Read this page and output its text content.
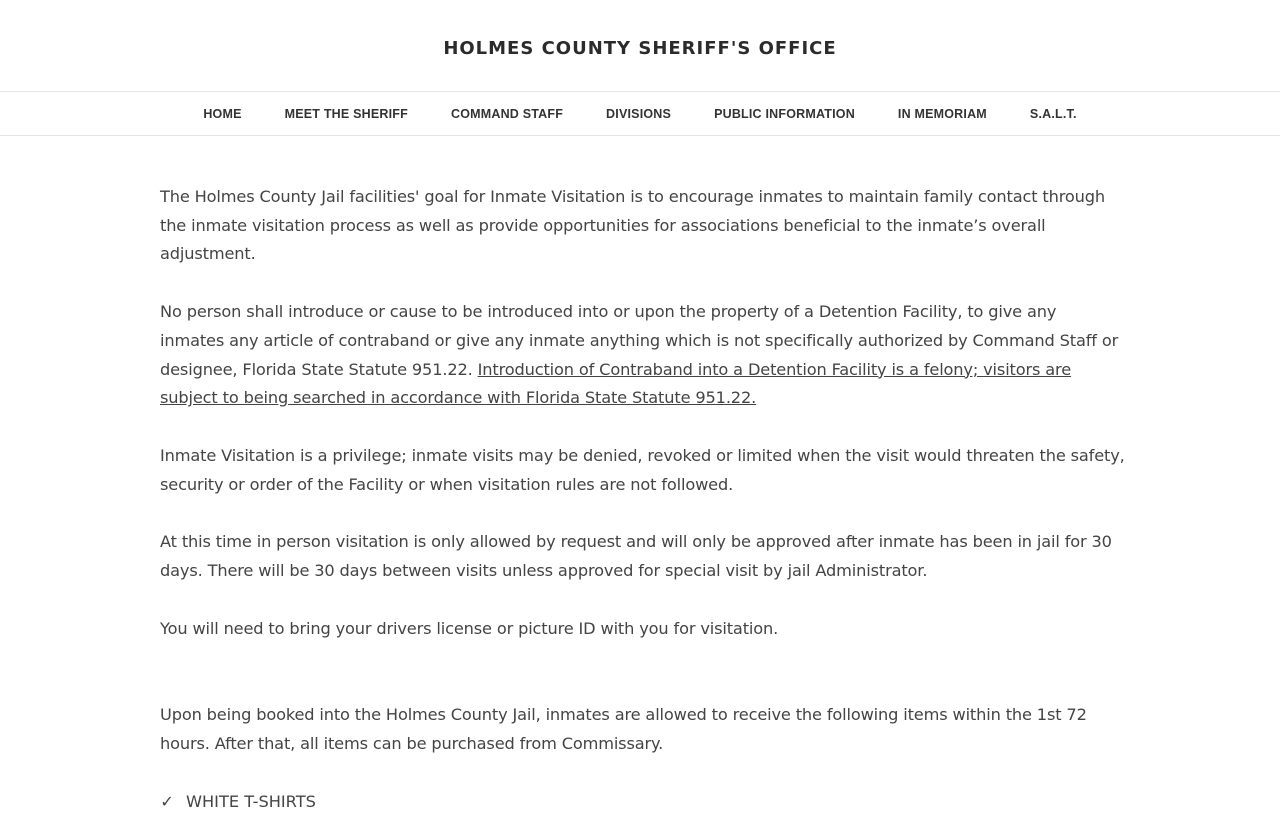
HOLMES COUNTY SHERIFF'S OFFICE
HOME	MEET THE SHERIFF	COMMAND STAFF	DIVISIONS	PUBLIC INFORMATION	IN MEMORIAM	S.A.L.T.

The Holmes County Jail facilities' goal for Inmate Visitation is to encourage inmates to maintain family contact through the inmate visitation process as well as provide opportunities for associations beneficial to the inmate’s overall adjustment.

No person shall introduce or cause to be introduced into or upon the property of a Detention Facility, to give any inmates any article of contraband or give any inmate anything which is not specifically authorized by Command Staff or designee, Florida State Statute 951.22. Introduction of Contraband into a Detention Facility is a felony; visitors are subject to being searched in accordance with Florida State Statute 951.22.

Inmate Visitation is a privilege; inmate visits may be denied, revoked or limited when the visit would threaten the safety, security or order of the Facility or when visitation rules are not followed.

At this time in person visitation is only allowed by request and will only be approved after inmate has been in jail for 30 days. There will be 30 days between visits unless approved for special visit by jail Administrator.

You will need to bring your drivers license or picture ID with you for visitation.

Upon being booked into the Holmes County Jail, inmates are allowed to receive the following items within the 1st 72 hours. After that, all items can be purchased from Commissary.

✓ WHITE T-SHIRTS
